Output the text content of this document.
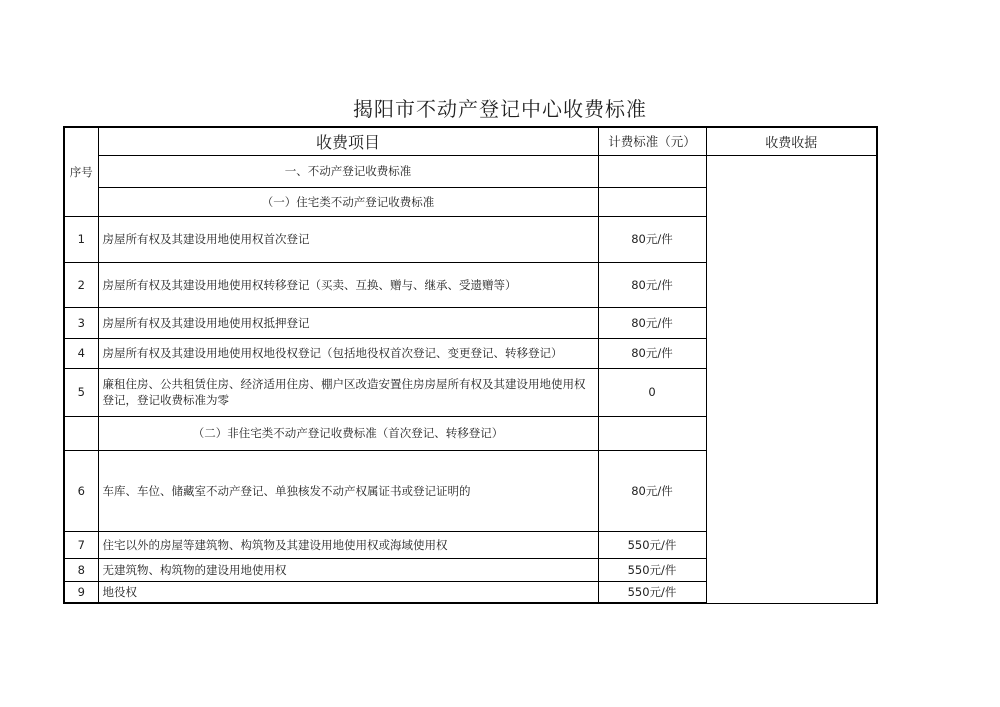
揭阳市不动产登记中心收费标准
序号	收费项目	计费标准（元）	收费收据
	一、不动产登记收费标准		
	（一）住宅类不动产登记收费标准		
1	房屋所有权及其建设用地使用权首次登记	80元/件	
2	房屋所有权及其建设用地使用权转移登记（买卖、互换、赠与、继承、受遗赠等）	80元/件	
3	房屋所有权及其建设用地使用权抵押登记	80元/件	
4	房屋所有权及其建设用地使用权地役权登记（包括地役权首次登记、变更登记、转移登记）	80元/件	
5	廉租住房、公共租赁住房、经济适用住房、棚户区改造安置住房房屋所有权及其建设用地使用权登记，登记收费标准为零	0	
	（二）非住宅类不动产登记收费标准（首次登记、转移登记）		
6	车库、车位、储藏室不动产登记、单独核发不动产权属证书或登记证明的	80元/件	
7	住宅以外的房屋等建筑物、构筑物及其建设用地使用权或海域使用权	550元/件	
8	无建筑物、构筑物的建设用地使用权	550元/件	
9	地役权	550元/件	
